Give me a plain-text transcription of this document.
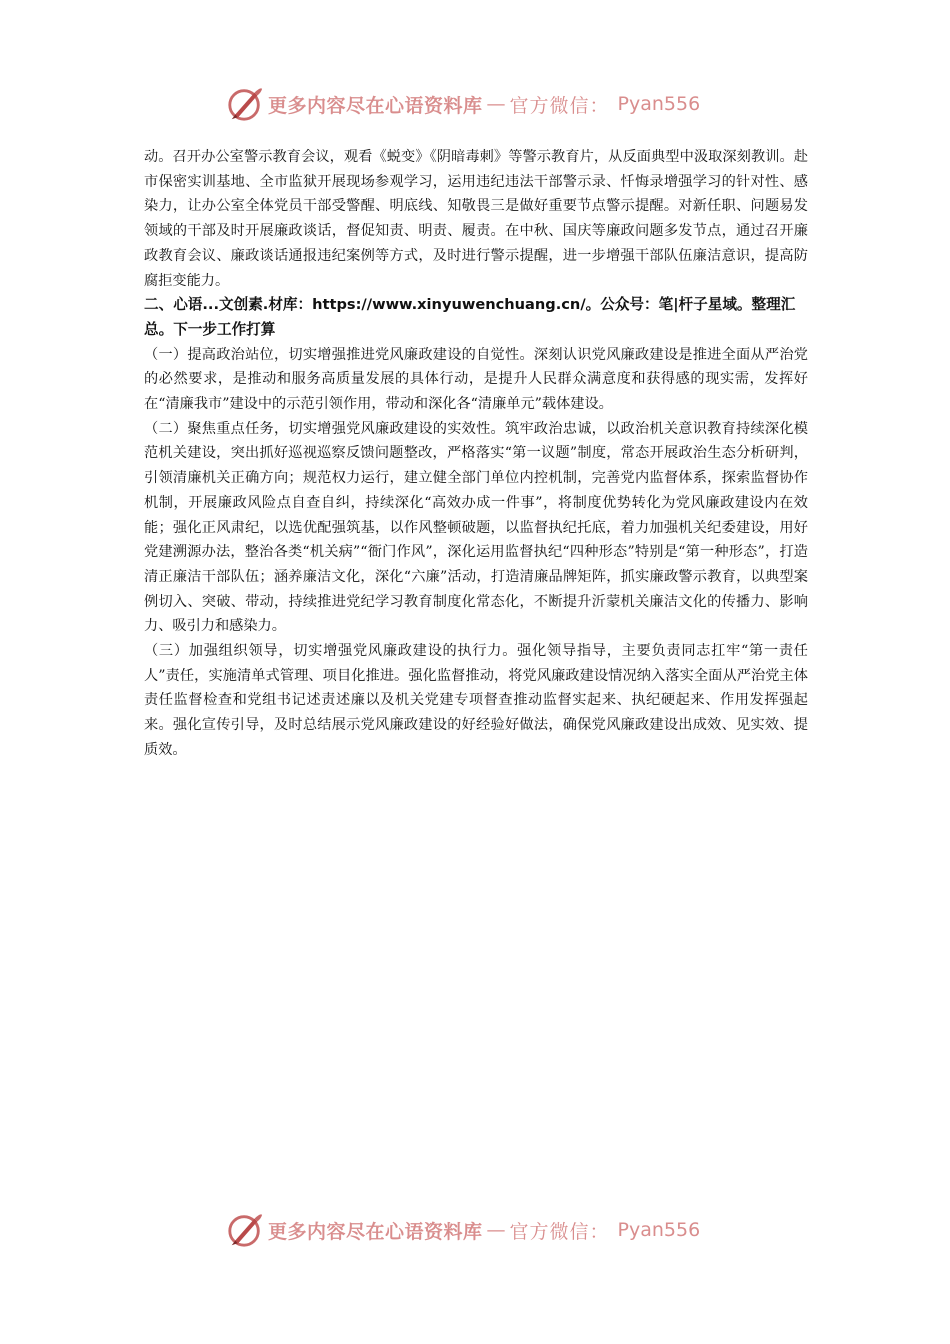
更多内容尽在心语资料库 — 官方微信： Pyan556

动。召开办公室警示教育会议，观看《蜕变》《阴暗毒刺》等警示教育片，从反面典型中汲取深刻教训。赴市保密实训基地、全市监狱开展现场参观学习，运用违纪违法干部警示录、忏悔录增强学习的针对性、感染力，让办公室全体党员干部受警醒、明底线、知敬畏三是做好重要节点警示提醒。对新任职、问题易发领域的干部及时开展廉政谈话，督促知责、明责、履责。在中秋、国庆等廉政问题多发节点，通过召开廉政教育会议、廉政谈话通报违纪案例等方式，及时进行警示提醒，进一步增强干部队伍廉洁意识，提高防腐拒变能力。

二、心语...文创素.材库：https://www.xinyuwenchuang.cn/。公众号：笔|杆子星域。整理汇总。下一步工作打算

（一）提高政治站位，切实增强推进党风廉政建设的自觉性。深刻认识党风廉政建设是推进全面从严治党的必然要求，是推动和服务高质量发展的具体行动，是提升人民群众满意度和获得感的现实需，发挥好在“清廉我市”建设中的示范引领作用，带动和深化各“清廉单元”载体建设。

（二）聚焦重点任务，切实增强党风廉政建设的实效性。筑牢政治忠诚，以政治机关意识教育持续深化模范机关建设，突出抓好巡视巡察反馈问题整改，严格落实“第一议题”制度，常态开展政治生态分析研判，引领清廉机关正确方向；规范权力运行，建立健全部门单位内控机制，完善党内监督体系，探索监督协作机制，开展廉政风险点自查自纠，持续深化“高效办成一件事”，将制度优势转化为党风廉政建设内在效能；强化正风肃纪，以选优配强筑基，以作风整顿破题，以监督执纪托底，着力加强机关纪委建设，用好党建溯源办法，整治各类“机关病”“衙门作风”，深化运用监督执纪“四种形态”特别是“第一种形态”，打造清正廉洁干部队伍；涵养廉洁文化，深化“六廉”活动，打造清廉品牌矩阵，抓实廉政警示教育，以典型案例切入、突破、带动，持续推进党纪学习教育制度化常态化，不断提升沂蒙机关廉洁文化的传播力、影响力、吸引力和感染力。

（三）加强组织领导，切实增强党风廉政建设的执行力。强化领导指导，主要负责同志扛牢“第一责任人”责任，实施清单式管理、项目化推进。强化监督推动，将党风廉政建设情况纳入落实全面从严治党主体责任监督检查和党组书记述责述廉以及机关党建专项督查推动监督实起来、执纪硬起来、作用发挥强起来。强化宣传引导，及时总结展示党风廉政建设的好经验好做法，确保党风廉政建设出成效、见实效、提质效。

更多内容尽在心语资料库 — 官方微信： Pyan556
